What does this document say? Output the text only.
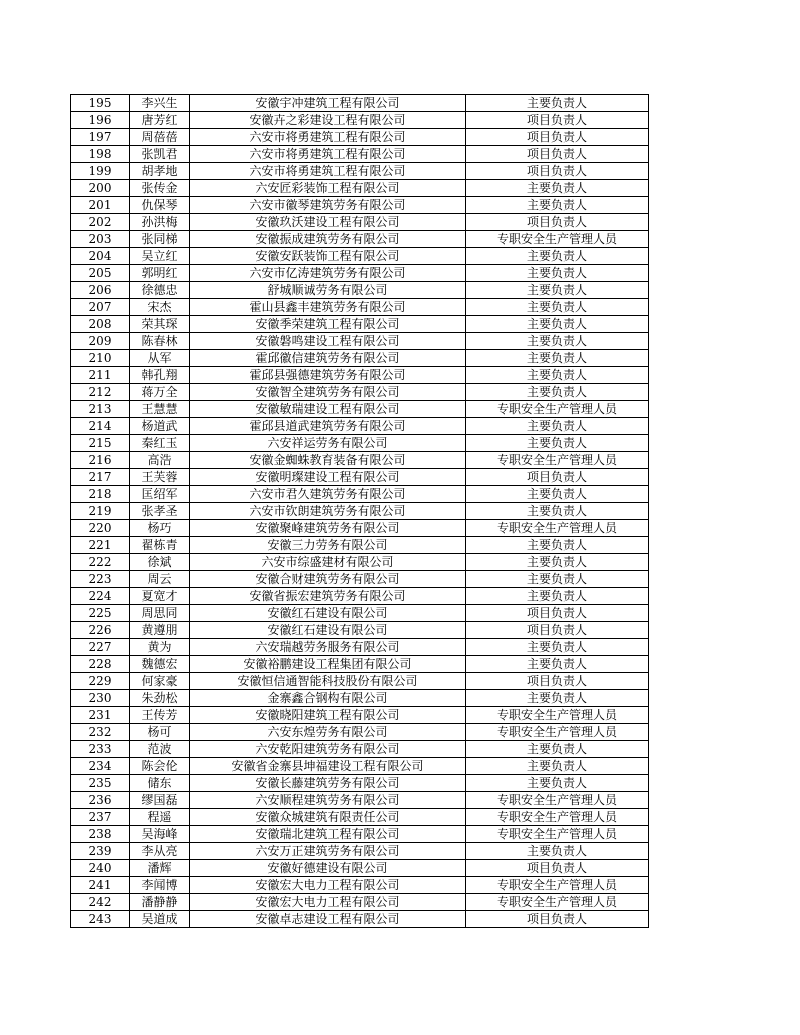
195	李兴生	安徽宇冲建筑工程有限公司	主要负责人
196	唐芳红	安徽卉之彩建设工程有限公司	项目负责人
197	周蓓蓓	六安市将勇建筑工程有限公司	项目负责人
198	张凯君	六安市将勇建筑工程有限公司	项目负责人
199	胡孝地	六安市将勇建筑工程有限公司	项目负责人
200	张传金	六安匠彩装饰工程有限公司	主要负责人
201	仇保琴	六安市徽琴建筑劳务有限公司	主要负责人
202	孙洪梅	安徽玖沃建设工程有限公司	项目负责人
203	张同梯	安徽振成建筑劳务有限公司	专职安全生产管理人员
204	吴立红	安徽安跃装饰工程有限公司	主要负责人
205	郭明红	六安市亿涛建筑劳务有限公司	主要负责人
206	徐德忠	舒城顺诚劳务有限公司	主要负责人
207	宋杰	霍山县鑫丰建筑劳务有限公司	主要负责人
208	荣其琛	安徽季荣建筑工程有限公司	主要负责人
209	陈春林	安徽磐鸣建设工程有限公司	主要负责人
210	从军	霍邱徽信建筑劳务有限公司	主要负责人
211	韩孔翔	霍邱县强德建筑劳务有限公司	主要负责人
212	蒋万全	安徽智全建筑劳务有限公司	主要负责人
213	王慧慧	安徽敏瑞建设工程有限公司	专职安全生产管理人员
214	杨道武	霍邱县道武建筑劳务有限公司	主要负责人
215	秦红玉	六安祥运劳务有限公司	主要负责人
216	高浩	安徽金蜘蛛教育装备有限公司	专职安全生产管理人员
217	王芙蓉	安徽明璨建设工程有限公司	项目负责人
218	匡绍军	六安市君久建筑劳务有限公司	主要负责人
219	张孝圣	六安市钦朗建筑劳务有限公司	主要负责人
220	杨巧	安徽聚峰建筑劳务有限公司	专职安全生产管理人员
221	翟栋青	安徽三力劳务有限公司	主要负责人
222	徐斌	六安市综盛建材有限公司	主要负责人
223	周云	安徽合财建筑劳务有限公司	主要负责人
224	夏宽才	安徽省振宏建筑劳务有限公司	主要负责人
225	周思同	安徽红石建设有限公司	项目负责人
226	黄遵朋	安徽红石建设有限公司	项目负责人
227	黄为	六安瑞越劳务服务有限公司	主要负责人
228	魏德宏	安徽裕鹏建设工程集团有限公司	主要负责人
229	何家豪	安徽恒信通智能科技股份有限公司	项目负责人
230	朱劲松	金寨鑫合钢构有限公司	主要负责人
231	王传芳	安徽晓阳建筑工程有限公司	专职安全生产管理人员
232	杨可	六安东煌劳务有限公司	专职安全生产管理人员
233	范波	六安乾阳建筑劳务有限公司	主要负责人
234	陈会伦	安徽省金寨县坤福建设工程有限公司	主要负责人
235	储东	安徽长藤建筑劳务有限公司	主要负责人
236	缪国磊	六安顺程建筑劳务有限公司	专职安全生产管理人员
237	程遥	安徽众城建筑有限责任公司	专职安全生产管理人员
238	吴海峰	安徽瑞北建筑工程有限公司	专职安全生产管理人员
239	李从亮	六安万正建筑劳务有限公司	主要负责人
240	潘辉	安徽好德建设有限公司	项目负责人
241	李闻博	安徽宏大电力工程有限公司	专职安全生产管理人员
242	潘静静	安徽宏大电力工程有限公司	专职安全生产管理人员
243	吴道成	安徽卓志建设工程有限公司	项目负责人
